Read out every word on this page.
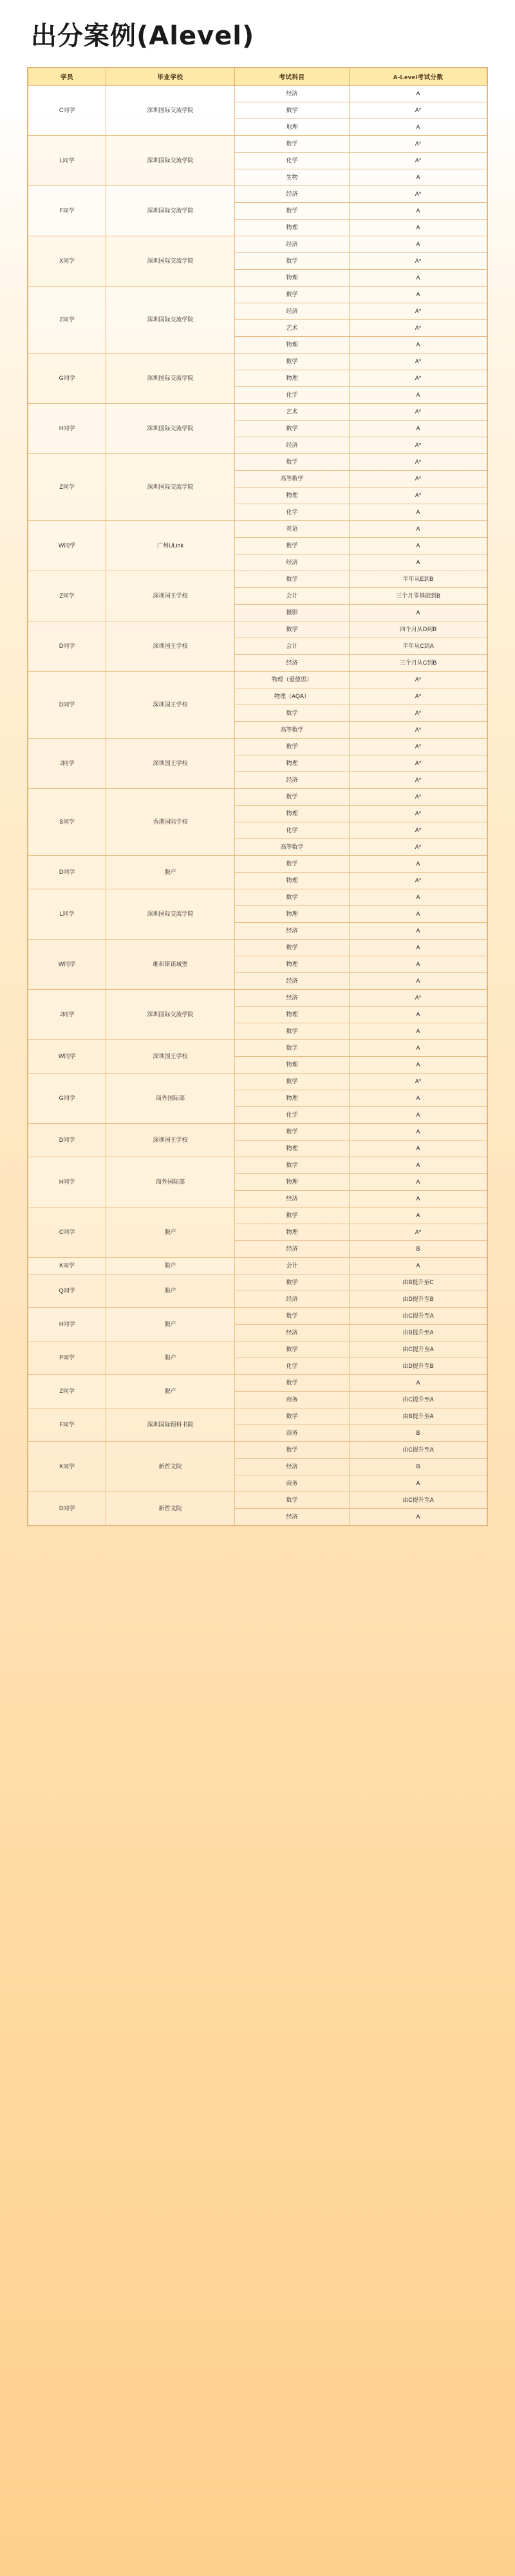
出分案例(Alevel)
学员	毕业学校	考试科目	A-Level考试分数
C同学	深圳国际交流学院	经济	A
		数学	A*
		地理	A
L同学	深圳国际交流学院	数学	A*
		化学	A*
		生物	A
F同学	深圳国际交流学院	经济	A*
		数学	A
		物理	A
X同学	深圳国际交流学院	经济	A
		数学	A*
		物理	A
Z同学	深圳国际交流学院	数学	A
		经济	A*
		艺术	A*
		物理	A
G同学	深圳国际交流学院	数学	A*
		物理	A*
		化学	A
H同学	深圳国际交流学院	艺术	A*
		数学	A
		经济	A*
Z同学	深圳国际交流学院	数学	A*
		高等数学	A*
		物理	A*
		化学	A
W同学	广州ULink	英语	A
		数学	A
		经济	A
Z同学	深圳国王学校	数学	半年从E到B
		会计	三个月零基础到B
		摄影	A
D同学	深圳国王学校	数学	四个月从D到B
		会计	半年从C到A
		经济	三个月从C到B
D同学	深圳国王学校	物理（爱德思）	A*
		物理（AQA）	A*
		数学	A*
		高等数学	A*
J同学	深圳国王学校	数学	A*
		物理	A*
		经济	A*
S同学	香港国际学校	数学	A*
		物理	A*
		化学	A*
		高等数学	A*
D同学	脱产	数学	A
		物理	A*
L同学	深圳国际交流学院	数学	A
		物理	A
		经济	A
W同学	维和斯诺域堡	数学	A
		物理	A
		经济	A
J同学	深圳国际交流学院	经济	A*
		物理	A
		数学	A
W同学	深圳国王学校	数学	A
		物理	A
G同学	商外国际部	数学	A*
		物理	A
		化学	A
D同学	深圳国王学校	数学	A
		物理	A
H同学	商外国际部	数学	A
		物理	A
		经济	A
C同学	脱产	数学	A
		物理	A*
		经济	B
K同学	脱产	会计	A
Q同学	脱产	数学	由B提升至C
		经济	由D提升至B
H同学	脱产	数学	由C提升至A
		经济	由B提升至A
P同学	脱产	数学	由C提升至A
		化学	由D提升至B
Z同学	脱产	数学	A
		商务	由C提升至A
F同学	深圳国际预科书院	数学	由B提升至A
		商务	B
K同学	新哲文院	数学	由C提升至A
		经济	B
		商务	A
D同学	新哲文院	数学	由C提升至A
		经济	A
